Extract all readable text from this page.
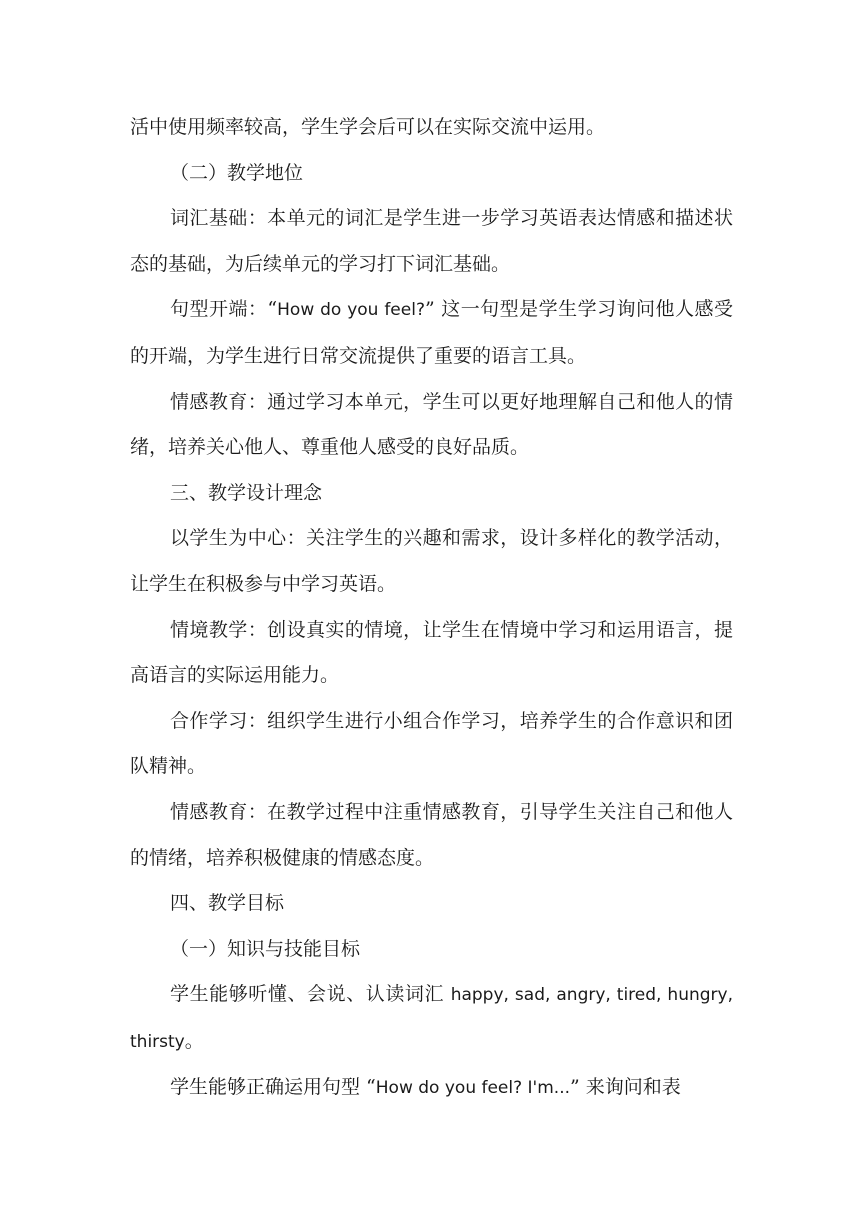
活中使用频率较高，学生学会后可以在实际交流中运用。

（二）教学地位

词汇基础：本单元的词汇是学生进一步学习英语表达情感和描述状态的基础，为后续单元的学习打下词汇基础。

句型开端：“How do you feel?” 这一句型是学生学习询问他人感受的开端，为学生进行日常交流提供了重要的语言工具。

情感教育：通过学习本单元，学生可以更好地理解自己和他人的情绪，培养关心他人、尊重他人感受的良好品质。

三、教学设计理念

以学生为中心：关注学生的兴趣和需求，设计多样化的教学活动，让学生在积极参与中学习英语。

情境教学：创设真实的情境，让学生在情境中学习和运用语言，提高语言的实际运用能力。

合作学习：组织学生进行小组合作学习，培养学生的合作意识和团队精神。

情感教育：在教学过程中注重情感教育，引导学生关注自己和他人的情绪，培养积极健康的情感态度。

四、教学目标

（一）知识与技能目标

学生能够听懂、会说、认读词汇 happy, sad, angry, tired, hungry, thirsty。

学生能够正确运用句型 “How do you feel? I'm...” 来询问和表
